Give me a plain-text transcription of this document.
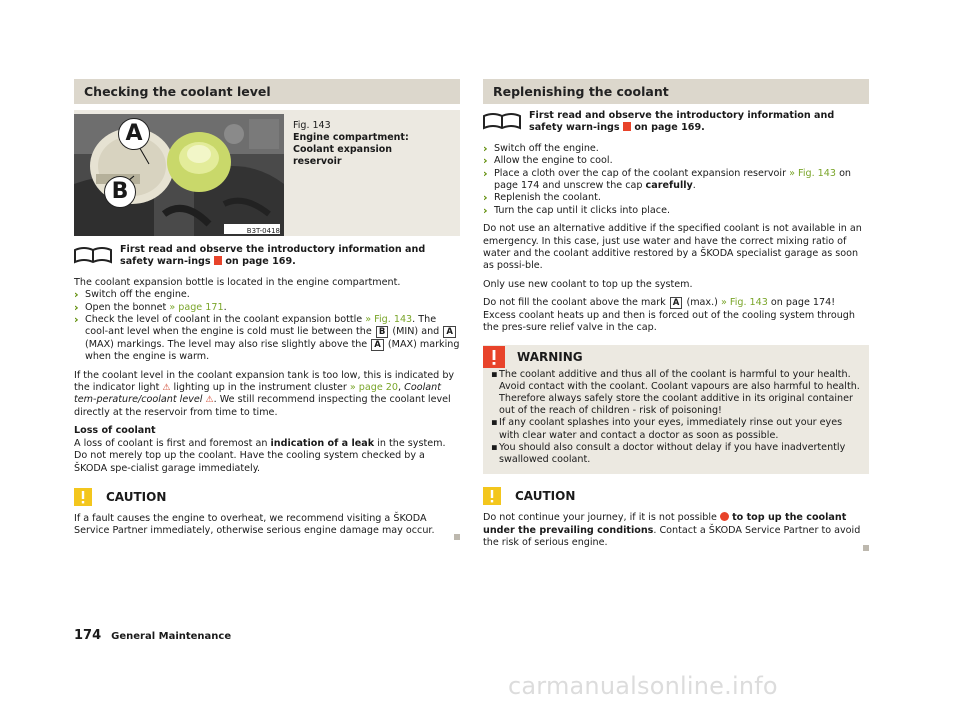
Checking the coolant level
A
B
B3T-0418
Fig. 143
Engine compartment: Coolant expansion reservoir

First read and observe the introductory information and safety warn-ings on page 169.

The coolant expansion bottle is located in the engine compartment.

› Switch off the engine.
› Open the bonnet » page 171.
› Check the level of coolant in the coolant expansion bottle » Fig. 143. The cool-ant level when the engine is cold must lie between the B (MIN) and A (MAX) markings. The level may also rise slightly above the A (MAX) marking when the engine is warm.

If the coolant level in the coolant expansion tank is too low, this is indicated by the indicator light ⚠ lighting up in the instrument cluster » page 20, Coolant tem-perature/coolant level ⚠. We still recommend inspecting the coolant level directly at the reservoir from time to time.

Loss of coolant

A loss of coolant is first and foremost an indication of a leak in the system. Do not merely top up the coolant. Have the cooling system checked by a ŠKODA spe-cialist garage immediately.

CAUTION

If a fault causes the engine to overheat, we recommend visiting a ŠKODA Service Partner immediately, otherwise serious engine damage may occur.

Replenishing the coolant

First read and observe the introductory information and safety warn-ings on page 169.

› Switch off the engine.
› Allow the engine to cool.
› Place a cloth over the cap of the coolant expansion reservoir » Fig. 143 on page 174 and unscrew the cap carefully.
› Replenish the coolant.
› Turn the cap until it clicks into place.

Do not use an alternative additive if the specified coolant is not available in an emergency. In this case, just use water and have the correct mixing ratio of water and the coolant additive restored by a ŠKODA specialist garage as soon as possi-ble.

Only use new coolant to top up the system.

Do not fill the coolant above the mark A (max.) » Fig. 143 on page 174! Excess coolant heats up and then is forced out of the cooling system through the pres-sure relief valve in the cap.

WARNING
▪ The coolant additive and thus all of the coolant is harmful to your health. Avoid contact with the coolant. Coolant vapours are also harmful to health. Therefore always safely store the coolant additive in its original container out of the reach of children - risk of poisoning!
▪ If any coolant splashes into your eyes, immediately rinse out your eyes with clear water and contact a doctor as soon as possible.
▪ You should also consult a doctor without delay if you have inadvertently swallowed coolant.
CAUTION

Do not continue your journey, if it is not possible to top up the coolant under the prevailing conditions. Contact a ŠKODA Service Partner to avoid the risk of serious engine.

174 General Maintenance
carmanualsonline.info
